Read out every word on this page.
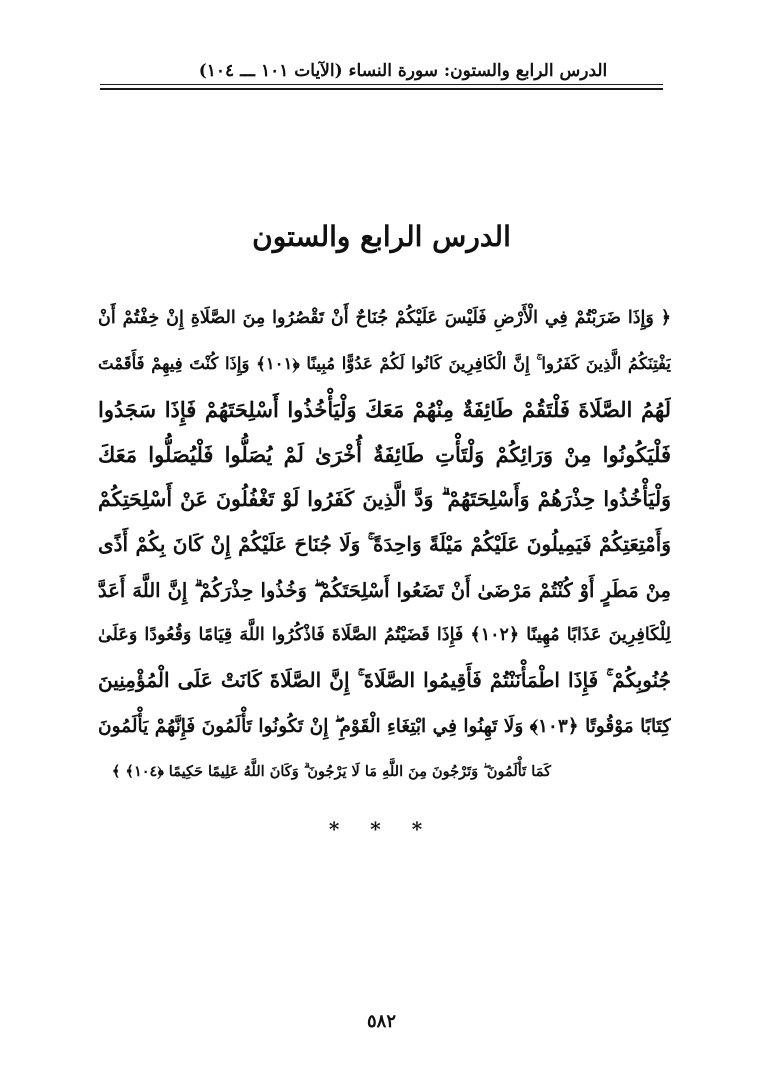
الدرس الرابع والستون: سورة النساء (الآيات ١٠١ ـــ ١٠٤)
الدرس الرابع والستون
﴿ وَإِذَا ضَرَبْتُمْ فِي الْأَرْضِ فَلَيْسَ عَلَيْكُمْ جُنَاحٌ أَنْ تَقْصُرُوا مِنَ الصَّلَاةِ إِنْ خِفْتُمْ أَنْ
يَفْتِنَكُمُ الَّذِينَ كَفَرُوا ۚ إِنَّ الْكَافِرِينَ كَانُوا لَكُمْ عَدُوًّا مُبِينًا ﴿١٠١﴾ وَإِذَا كُنْتَ فِيهِمْ فَأَقَمْتَ
لَهُمُ الصَّلَاةَ فَلْتَقُمْ طَائِفَةٌ مِنْهُمْ مَعَكَ وَلْيَأْخُذُوا أَسْلِحَتَهُمْ فَإِذَا سَجَدُوا
فَلْيَكُونُوا مِنْ وَرَائِكُمْ وَلْتَأْتِ طَائِفَةٌ أُخْرَىٰ لَمْ يُصَلُّوا فَلْيُصَلُّوا مَعَكَ
وَلْيَأْخُذُوا حِذْرَهُمْ وَأَسْلِحَتَهُمْ ۗ وَدَّ الَّذِينَ كَفَرُوا لَوْ تَغْفُلُونَ عَنْ أَسْلِحَتِكُمْ
وَأَمْتِعَتِكُمْ فَيَمِيلُونَ عَلَيْكُمْ مَيْلَةً وَاحِدَةً ۚ وَلَا جُنَاحَ عَلَيْكُمْ إِنْ كَانَ بِكُمْ أَذًى
مِنْ مَطَرٍ أَوْ كُنْتُمْ مَرْضَىٰ أَنْ تَضَعُوا أَسْلِحَتَكُمْ ۖ وَخُذُوا حِذْرَكُمْ ۗ إِنَّ اللَّهَ أَعَدَّ
لِلْكَافِرِينَ عَذَابًا مُهِينًا ﴿١٠٢﴾ فَإِذَا قَضَيْتُمُ الصَّلَاةَ فَاذْكُرُوا اللَّهَ قِيَامًا وَقُعُودًا وَعَلَىٰ
جُنُوبِكُمْ ۚ فَإِذَا اطْمَأْنَنْتُمْ فَأَقِيمُوا الصَّلَاةَ ۚ إِنَّ الصَّلَاةَ كَانَتْ عَلَى الْمُؤْمِنِينَ
كِتَابًا مَوْقُوتًا ﴿١٠٣﴾ وَلَا تَهِنُوا فِي ابْتِغَاءِ الْقَوْمِ ۖ إِنْ تَكُونُوا تَأْلَمُونَ فَإِنَّهُمْ يَأْلَمُونَ
كَمَا تَأْلَمُونَ ۖ وَتَرْجُونَ مِنَ اللَّهِ مَا لَا يَرْجُونَ ۗ وَكَانَ اللَّهُ عَلِيمًا حَكِيمًا ﴿١٠٤﴾ ﴾
* * *
٥٨٢
